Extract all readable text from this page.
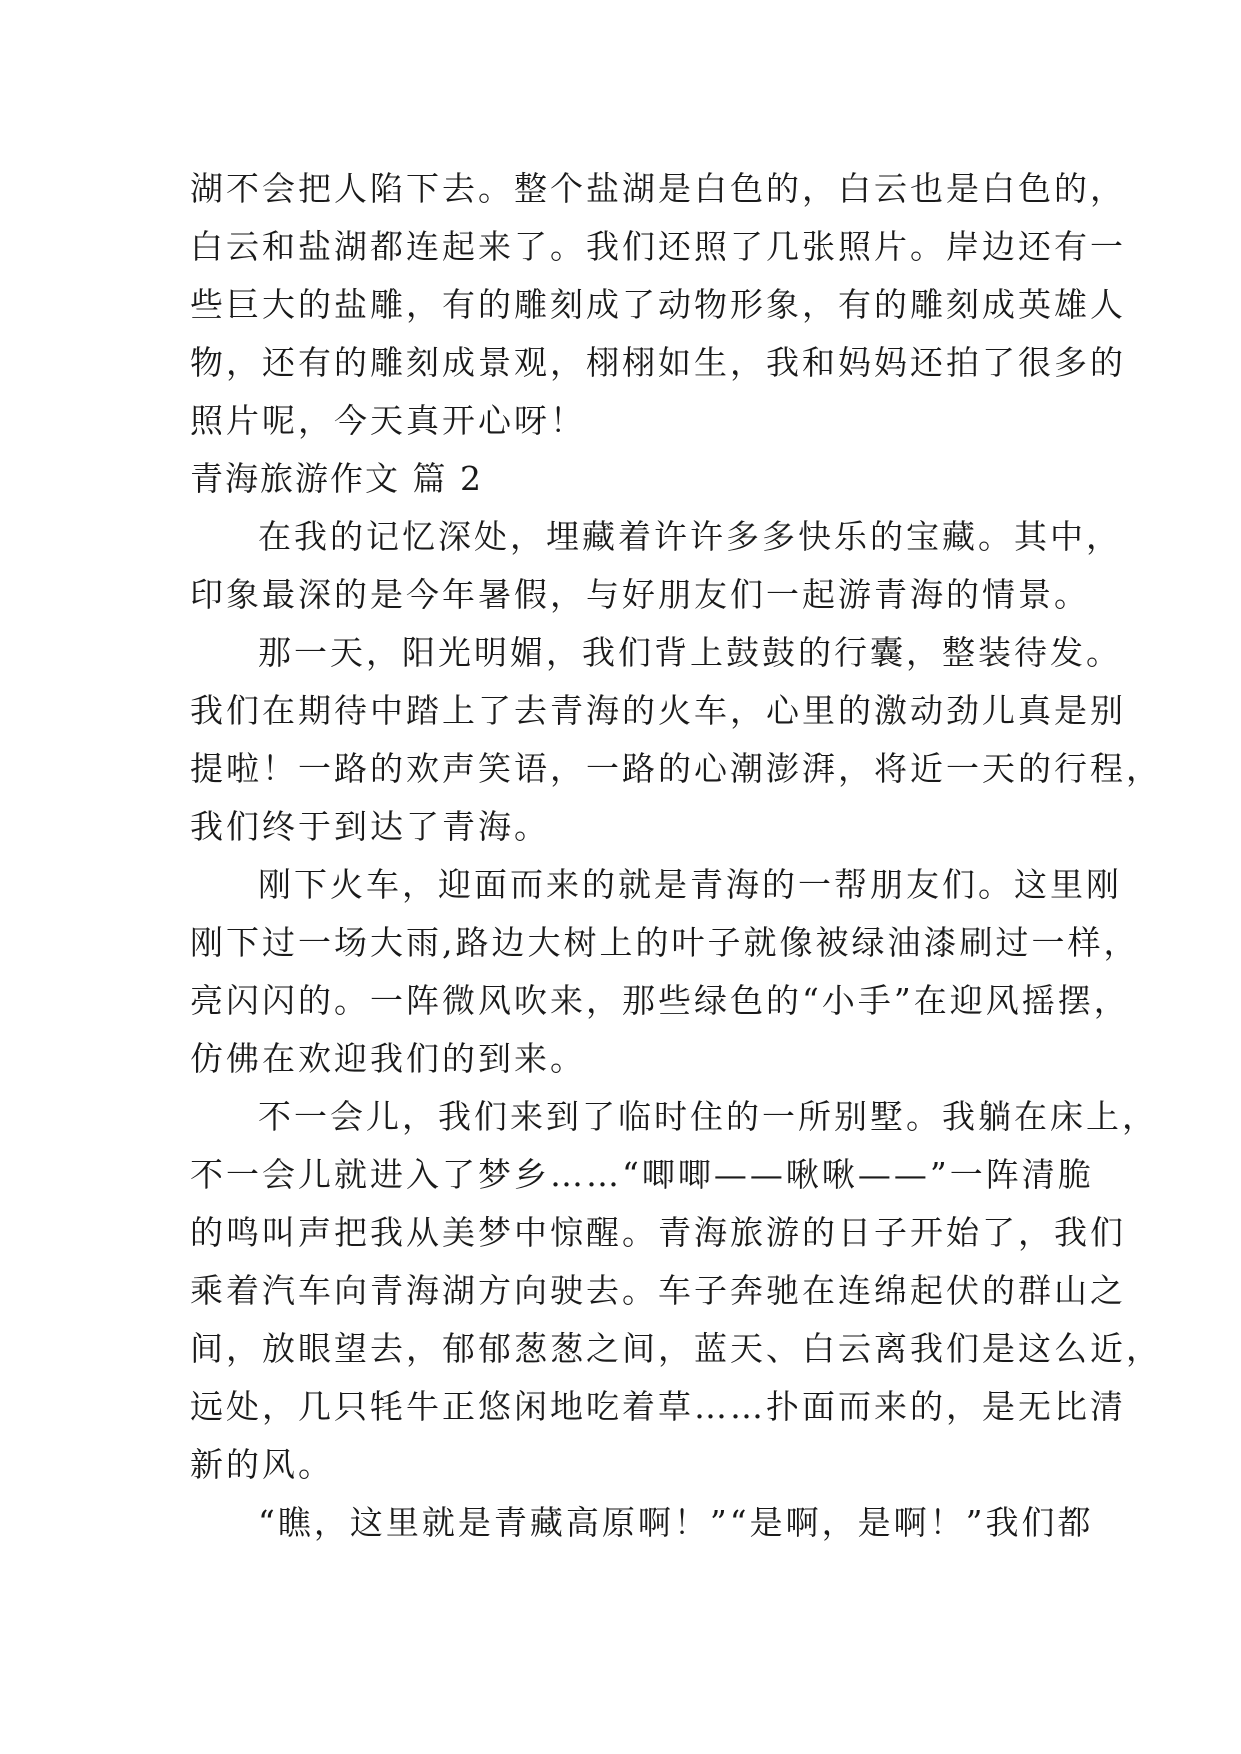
湖不会把人陷下去。整个盐湖是白色的，白云也是白色的，
白云和盐湖都连起来了。我们还照了几张照片。岸边还有一
些巨大的盐雕，有的雕刻成了动物形象，有的雕刻成英雄人
物，还有的雕刻成景观，栩栩如生，我和妈妈还拍了很多的
照片呢，今天真开心呀！
青海旅游作文 篇 2
在我的记忆深处，埋藏着许许多多快乐的宝藏。其中，
印象最深的是今年暑假，与好朋友们一起游青海的情景。
那一天，阳光明媚，我们背上鼓鼓的行囊，整装待发。
我们在期待中踏上了去青海的火车，心里的激动劲儿真是别
提啦！一路的欢声笑语，一路的心潮澎湃，将近一天的行程，
我们终于到达了青海。
刚下火车，迎面而来的就是青海的一帮朋友们。这里刚
刚下过一场大雨,路边大树上的叶子就像被绿油漆刷过一样，
亮闪闪的。一阵微风吹来，那些绿色的“小手”在迎风摇摆，
仿佛在欢迎我们的到来。
不一会儿，我们来到了临时住的一所别墅。我躺在床上，
不一会儿就进入了梦乡……“唧唧——啾啾——”一阵清脆
的鸣叫声把我从美梦中惊醒。青海旅游的日子开始了，我们
乘着汽车向青海湖方向驶去。车子奔驰在连绵起伏的群山之
间，放眼望去，郁郁葱葱之间，蓝天、白云离我们是这么近，
远处，几只牦牛正悠闲地吃着草……扑面而来的，是无比清
新的风。
“瞧，这里就是青藏高原啊！”“是啊，是啊！”我们都
